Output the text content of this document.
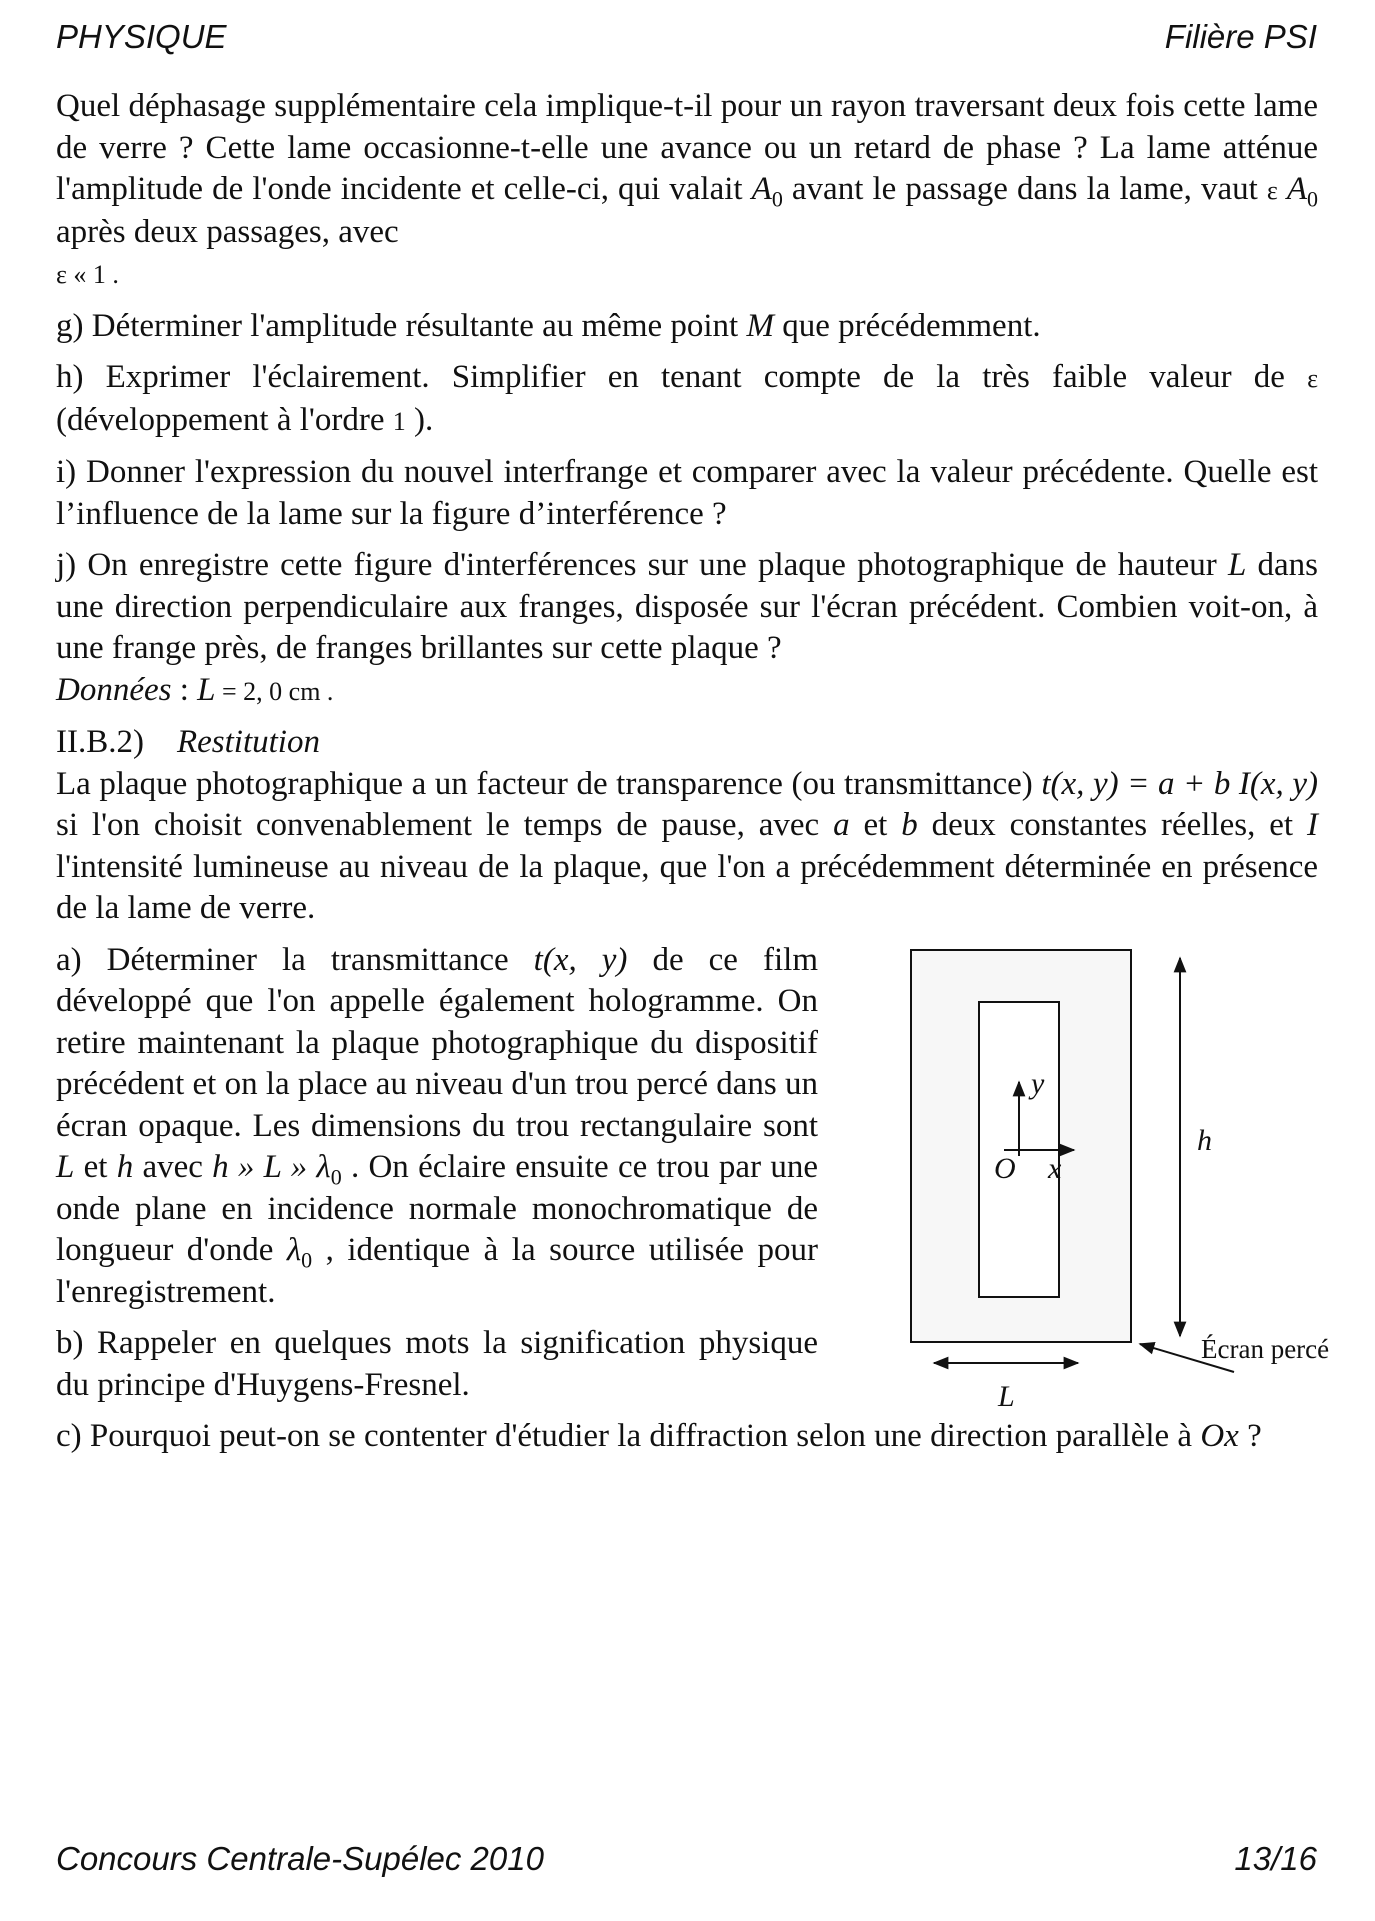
PHYSIQUE	Filière PSI

Quel déphasage supplémentaire cela implique-t-il pour un rayon traversant deux fois cette lame de verre ? Cette lame occasionne-t-elle une avance ou un retard de phase ? La lame atténue l'amplitude de l'onde incidente et celle-ci, qui valait $A_0$ avant le passage dans la lame, vaut ε $A_0$ après deux passages, avec
ε « 1 .

g) Déterminer l'amplitude résultante au même point M que précédemment.

h) Exprimer l'éclairement. Simplifier en tenant compte de la très faible valeur de ε (développement à l'ordre 1 ).

i) Donner l'expression du nouvel interfrange et comparer avec la valeur précédente. Quelle est l’influence de la lame sur la figure d’interférence ?

j) On enregistre cette figure d'interférences sur une plaque photographique de hauteur L dans une direction perpendiculaire aux franges, disposée sur l'écran précédent. Combien voit-on, à une frange près, de franges brillantes sur cette plaque ?

Données : L = 2, 0 cm .

II.B.2) Restitution

La plaque photographique a un facteur de transparence (ou transmittance) t(x, y) = a + b I(x, y) si l'on choisit convenablement le temps de pause, avec a et b deux constantes réelles, et I l'intensité lumineuse au niveau de la plaque, que l'on a précédemment déterminée en présence de la lame de verre.

a) Déterminer la transmittance t(x, y) de ce film développé que l'on appelle également hologramme. On retire maintenant la plaque photographique du dispositif précédent et on la place au niveau d'un trou percé dans un écran opaque. Les dimensions du trou rectangulaire sont L et h avec h » L » $\lambda_0$ . On éclaire ensuite ce trou par une onde plane en incidence normale monochromatique de longueur d'onde $\lambda_0$ , identique à la source utilisée pour l'enregistrement.

b) Rappeler en quelques mots la signification physique du principe d'Huygens-Fresnel.

y
O x
h
L
Écran percé

c) Pourquoi peut-on se contenter d'étudier la diffraction selon une direction parallèle à Ox ?

Concours Centrale-Supélec 2010	13/16
